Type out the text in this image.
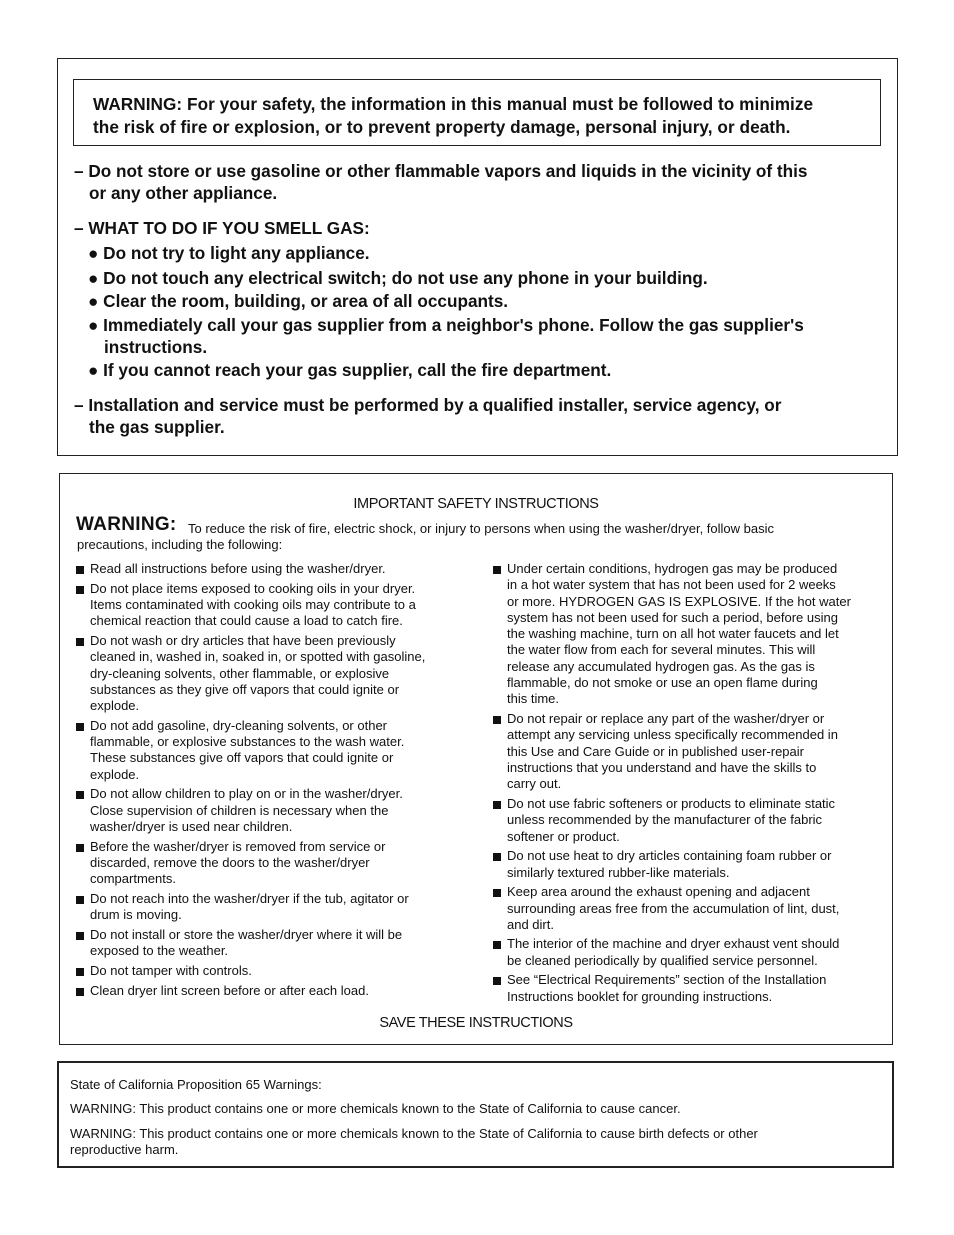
WARNING: For your safety, the information in this manual must be followed to minimize
the risk of fire or explosion, or to prevent property damage, personal injury, or death.
– Do not store or use gasoline or other flammable vapors and liquids in the vicinity of this
or any other appliance.
– WHAT TO DO IF YOU SMELL GAS:
● Do not try to light any appliance.
● Do not touch any electrical switch; do not use any phone in your building.
● Clear the room, building, or area of all occupants.
● Immediately call your gas supplier from a neighbor's phone. Follow the gas supplier's
instructions.
● If you cannot reach your gas supplier, call the fire department.
– Installation and service must be performed by a qualified installer, service agency, or
the gas supplier.
IMPORTANT SAFETY INSTRUCTIONS
WARNING: To reduce the risk of fire, electric shock, or injury to persons when using the washer/dryer, follow basic
precautions, including the following:
Read all instructions before using the washer/dryer.
Do not place items exposed to cooking oils in your dryer.
Items contaminated with cooking oils may contribute to a
chemical reaction that could cause a load to catch fire.
Do not wash or dry articles that have been previously
cleaned in, washed in, soaked in, or spotted with gasoline,
dry-cleaning solvents, other flammable, or explosive
substances as they give off vapors that could ignite or
explode.
Do not add gasoline, dry-cleaning solvents, or other
flammable, or explosive substances to the wash water.
These substances give off vapors that could ignite or
explode.
Do not allow children to play on or in the washer/dryer.
Close supervision of children is necessary when the
washer/dryer is used near children.
Before the washer/dryer is removed from service or
discarded, remove the doors to the washer/dryer
compartments.
Do not reach into the washer/dryer if the tub, agitator or
drum is moving.
Do not install or store the washer/dryer where it will be
exposed to the weather.
Do not tamper with controls.
Clean dryer lint screen before or after each load.
Under certain conditions, hydrogen gas may be produced
in a hot water system that has not been used for 2 weeks
or more. HYDROGEN GAS IS EXPLOSIVE. If the hot water
system has not been used for such a period, before using
the washing machine, turn on all hot water faucets and let
the water flow from each for several minutes. This will
release any accumulated hydrogen gas. As the gas is
flammable, do not smoke or use an open flame during
this time.
Do not repair or replace any part of the washer/dryer or
attempt any servicing unless specifically recommended in
this Use and Care Guide or in published user-repair
instructions that you understand and have the skills to
carry out.
Do not use fabric softeners or products to eliminate static
unless recommended by the manufacturer of the fabric
softener or product.
Do not use heat to dry articles containing foam rubber or
similarly textured rubber-like materials.
Keep area around the exhaust opening and adjacent
surrounding areas free from the accumulation of lint, dust,
and dirt.
The interior of the machine and dryer exhaust vent should
be cleaned periodically by qualified service personnel.
See “Electrical Requirements” section of the Installation
Instructions booklet for grounding instructions.
SAVE THESE INSTRUCTIONS
State of California Proposition 65 Warnings:
WARNING: This product contains one or more chemicals known to the State of California to cause cancer.
WARNING: This product contains one or more chemicals known to the State of California to cause birth defects or other
reproductive harm.
